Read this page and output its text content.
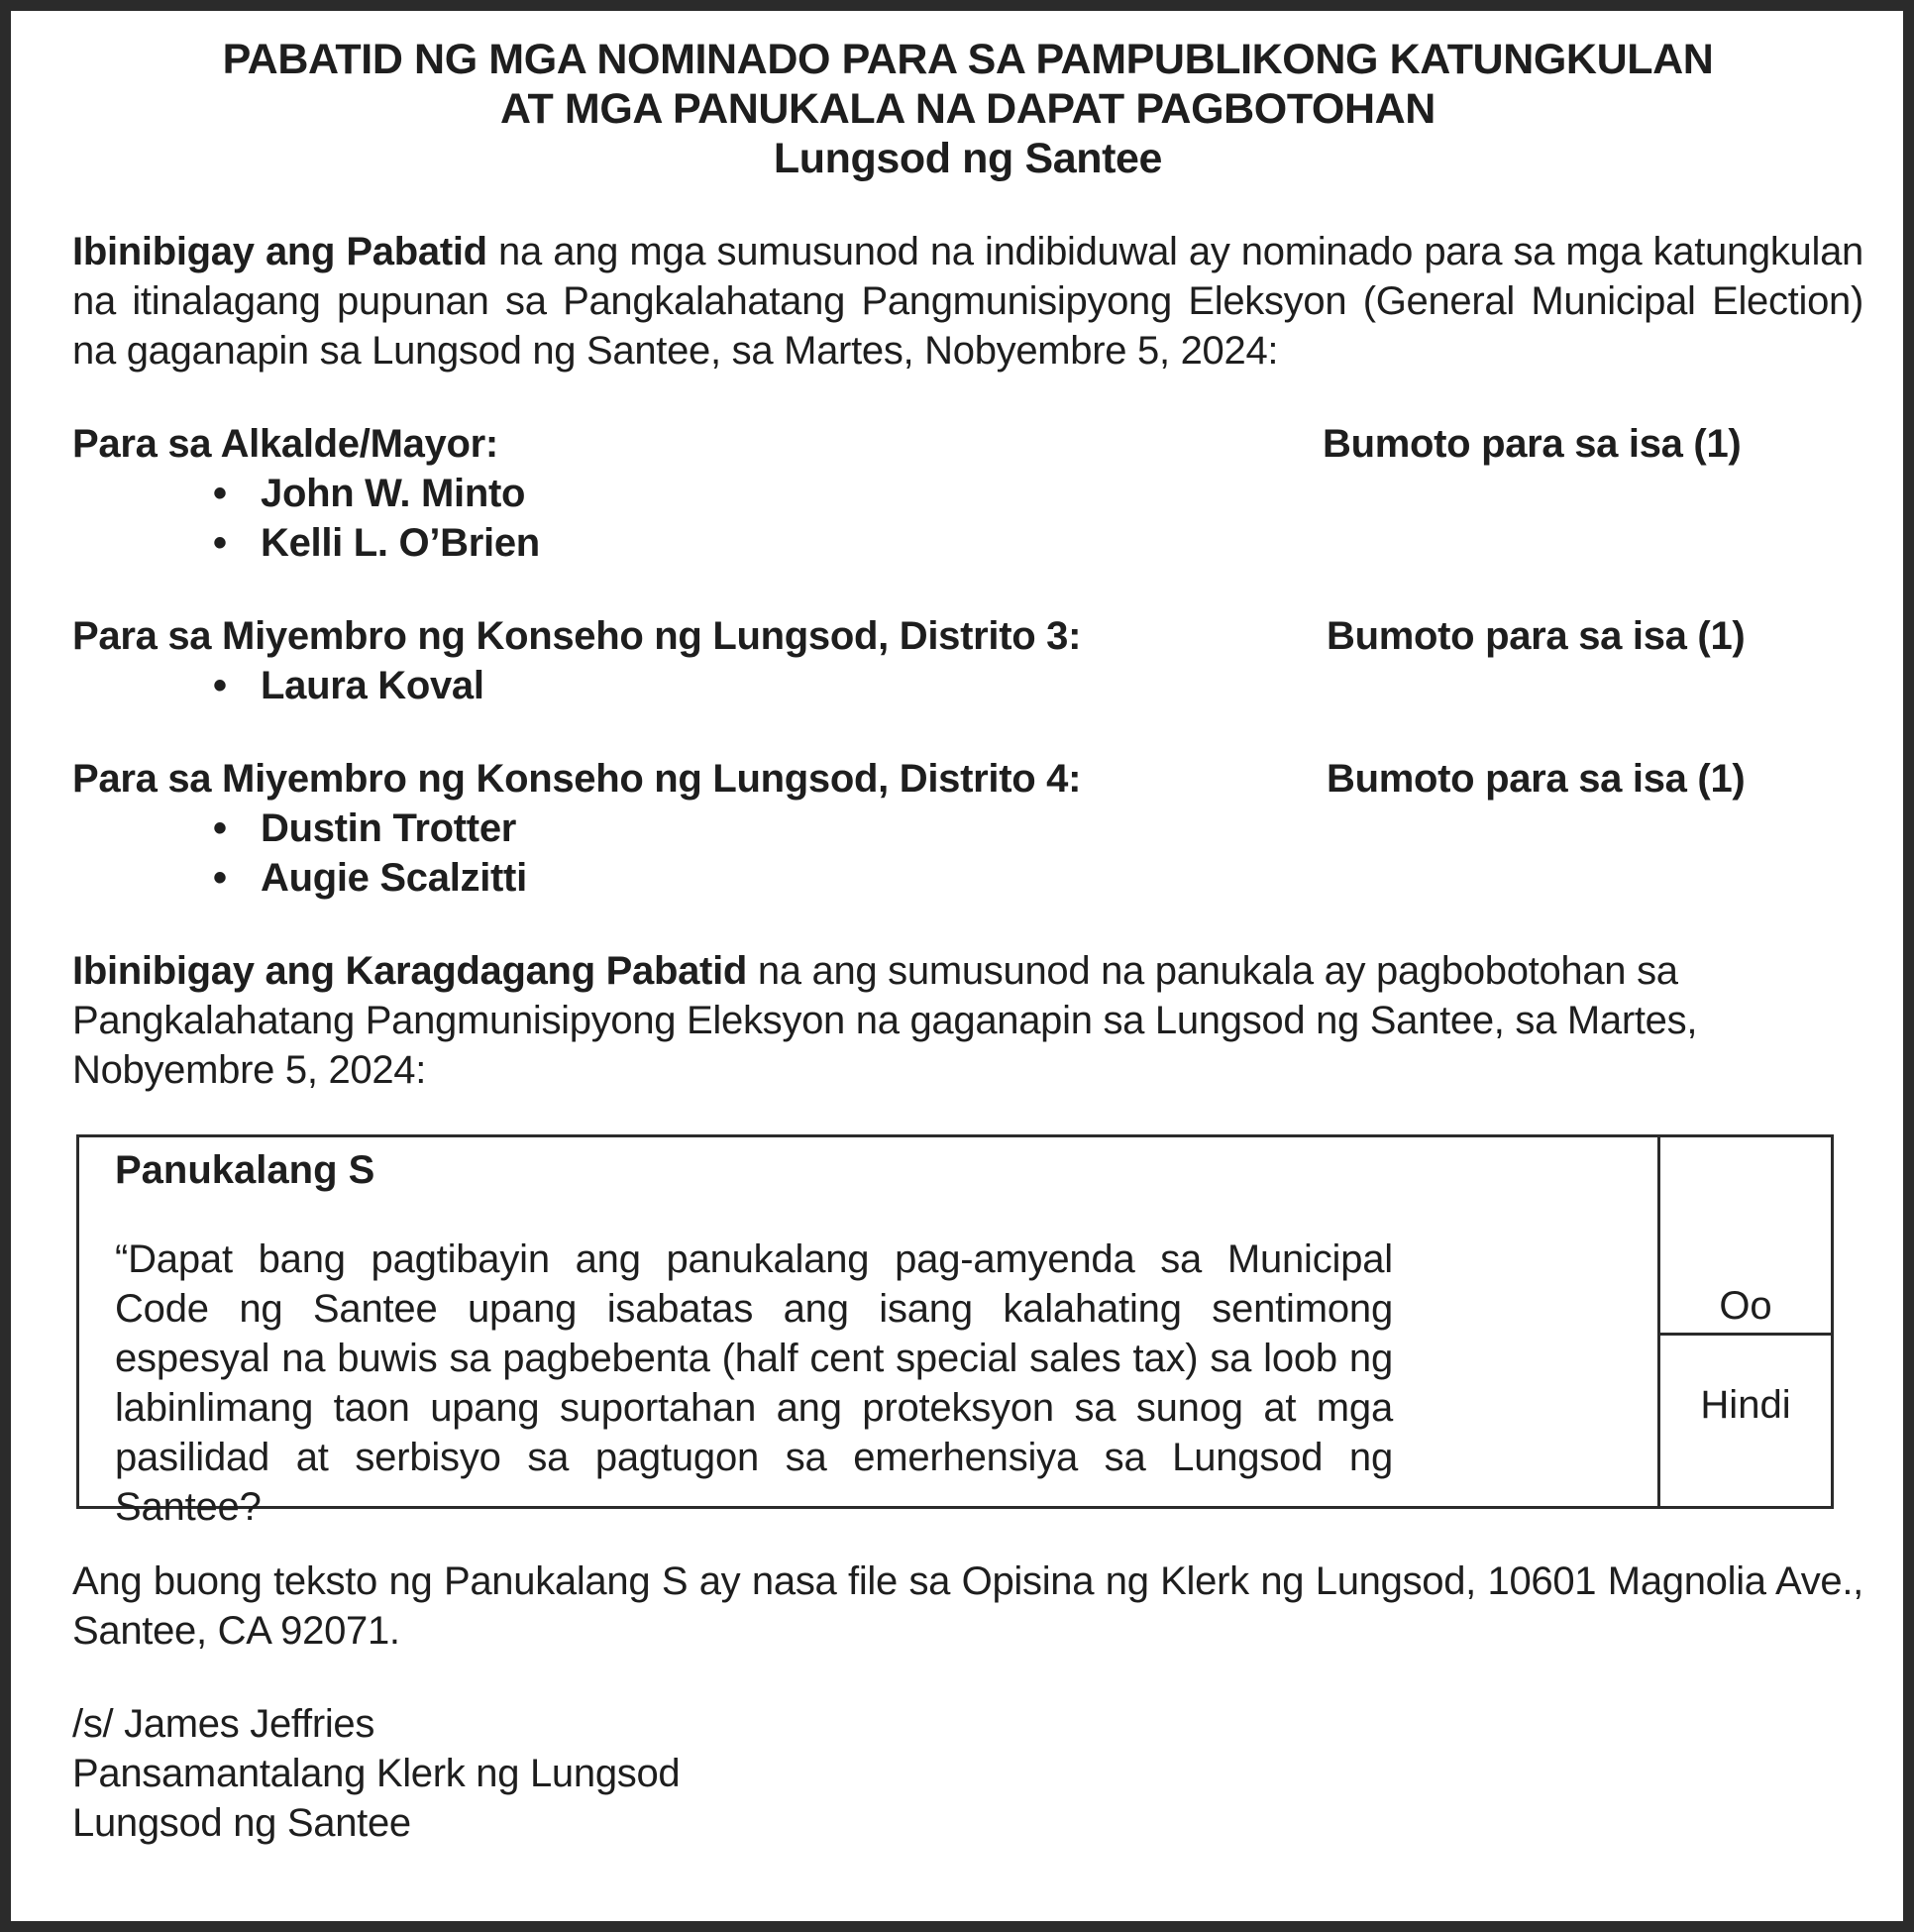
PABATID NG MGA NOMINADO PARA SA PAMPUBLIKONG KATUNGKULAN
AT MGA PANUKALA NA DAPAT PAGBOTOHAN
Lungsod ng Santee
Ibinibigay ang Pabatid na ang mga sumusunod na indibiduwal ay nominado para sa mga katungkulan na itinalagang pupunan sa Pangkalahatang Pangmunisipyong Eleksyon (General Municipal Election) na gaganapin sa Lungsod ng Santee, sa Martes, Nobyembre 5, 2024:
Para sa Alkalde/Mayor:	Bumoto para sa isa (1)
• John W. Minto
• Kelli L. O’Brien
Para sa Miyembro ng Konseho ng Lungsod, Distrito 3:	Bumoto para sa isa (1)
• Laura Koval
Para sa Miyembro ng Konseho ng Lungsod, Distrito 4:	Bumoto para sa isa (1)
• Dustin Trotter
• Augie Scalzitti
Ibinibigay ang Karagdagang Pabatid na ang sumusunod na panukala ay pagbobotohan sa Pangkalahatang Pangmunisipyong Eleksyon na gaganapin sa Lungsod ng Santee, sa Martes, Nobyembre 5, 2024:
Panukalang S
“Dapat bang pagtibayin ang panukalang pag-amyenda sa Municipal Code ng Santee upang isabatas ang isang kalahating sentimong espesyal na buwis sa pagbebenta (half cent special sales tax) sa loob ng labinlimang taon upang suportahan ang proteksyon sa sunog at mga pasilidad at serbisyo sa pagtugon sa emerhensiya sa Lungsod ng Santee?
Oo
Hindi
Ang buong teksto ng Panukalang S ay nasa file sa Opisina ng Klerk ng Lungsod, 10601 Magnolia Ave., Santee, CA 92071.
/s/ James Jeffries
Pansamantalang Klerk ng Lungsod
Lungsod ng Santee
